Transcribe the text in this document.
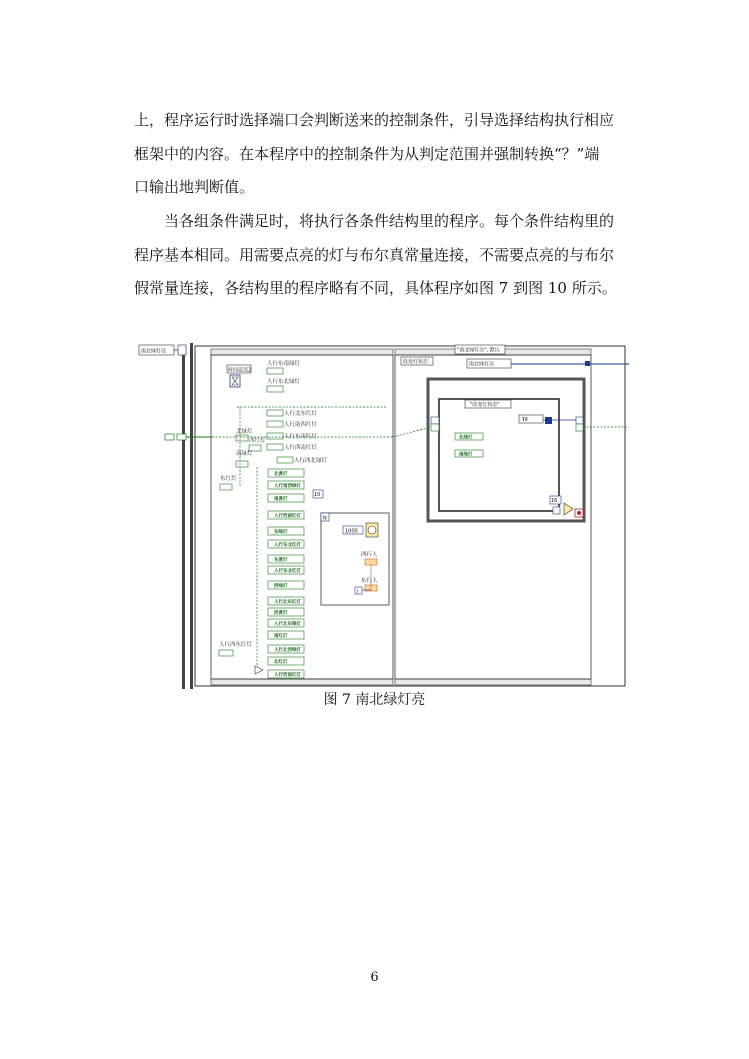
上，程序运行时选择端口会判断送来的控制条件，引导选择结构执行相应
框架中的内容。在本程序中的控制条件为从判定范围并强制转换“？”端
口输出地判断值。
当各组条件满足时，将执行各条件结构里的程序。每个条件结构里的
程序基本相同。用需要点亮的灯与布尔真常量连接，不需要点亮的与布尔
假常量连接，各结构里的程序略有不同，具体程序如图 7 到图 10 所示。
南北绿灯亮	"南北绿灯亮", 默认
时间延迟2
人行东南绿灯
人行东北绿灯
人行北东红灯
人行南西红灯
人行东南红灯
人行西南红灯
人行西北绿灯
北绿灯
西红灯
南绿灯
东红灯
北黄灯
人行南西绿灯
南黄灯
人行西南红灯
东绿灯
人行东北红灯
东黄灯
人行东北红灯
西绿灯
人行北东红灯
西黄灯
人行北东绿灯
南红灯
人行北西绿灯
北红灯
人行西南红灯
人行西东红灯
10
N
1000
西行人
东行人
i
改变灯状态	南北绿灯亮
"改变灯状态"
北绿灯
南绿灯
TF
16
图 7 南北绿灯亮
6
